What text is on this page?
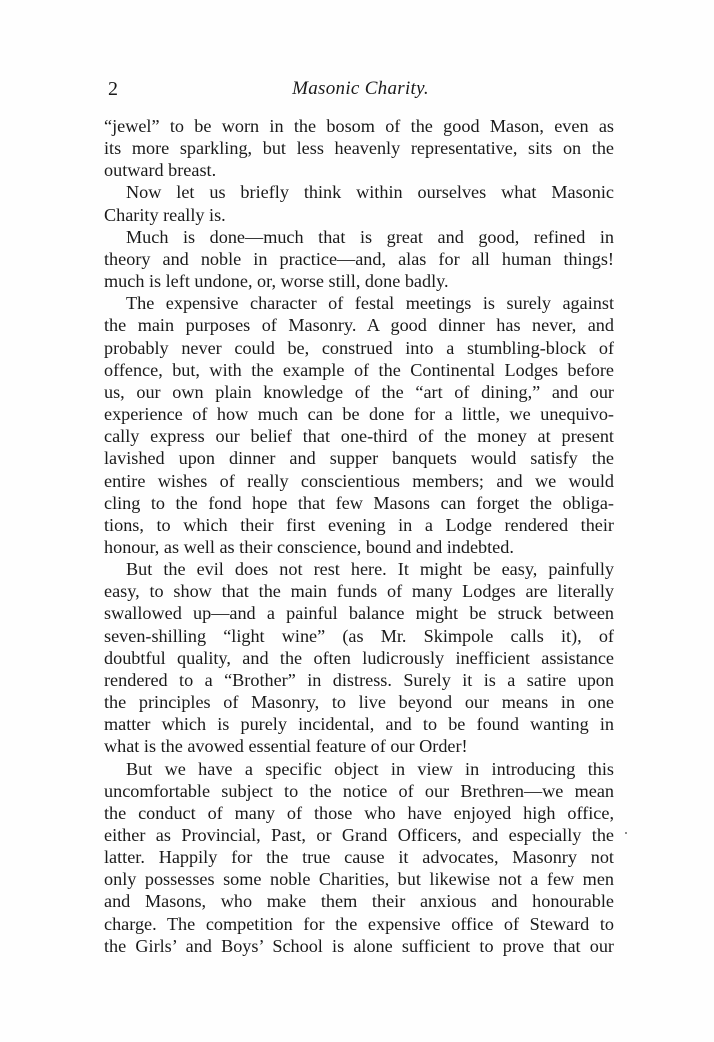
2	Masonic Charity.
“jewel” to be worn in the bosom of the good Mason, even as
its more sparkling, but less heavenly representative, sits on the
outward breast.
Now let us briefly think within ourselves what Masonic
Charity really is.
Much is done—much that is great and good, refined in
theory and noble in practice—and, alas for all human things!
much is left undone, or, worse still, done badly.
The expensive character of festal meetings is surely against
the main purposes of Masonry. A good dinner has never, and
probably never could be, construed into a stumbling-block of
offence, but, with the example of the Continental Lodges before
us, our own plain knowledge of the “art of dining,” and our
experience of how much can be done for a little, we unequivo-
cally express our belief that one-third of the money at present
lavished upon dinner and supper banquets would satisfy the
entire wishes of really conscientious members; and we would
cling to the fond hope that few Masons can forget the obliga-
tions, to which their first evening in a Lodge rendered their
honour, as well as their conscience, bound and indebted.
But the evil does not rest here. It might be easy, painfully
easy, to show that the main funds of many Lodges are literally
swallowed up—and a painful balance might be struck between
seven-shilling “light wine” (as Mr. Skimpole calls it), of
doubtful quality, and the often ludicrously inefficient assistance
rendered to a “Brother” in distress. Surely it is a satire upon
the principles of Masonry, to live beyond our means in one
matter which is purely incidental, and to be found wanting in
what is the avowed essential feature of our Order!
But we have a specific object in view in introducing this
uncomfortable subject to the notice of our Brethren—we mean
the conduct of many of those who have enjoyed high office,
either as Provincial, Past, or Grand Officers, and especially the
latter. Happily for the true cause it advocates, Masonry not
only possesses some noble Charities, but likewise not a few men
and Masons, who make them their anxious and honourable
charge. The competition for the expensive office of Steward to
the Girls’ and Boys’ School is alone sufficient to prove that our
